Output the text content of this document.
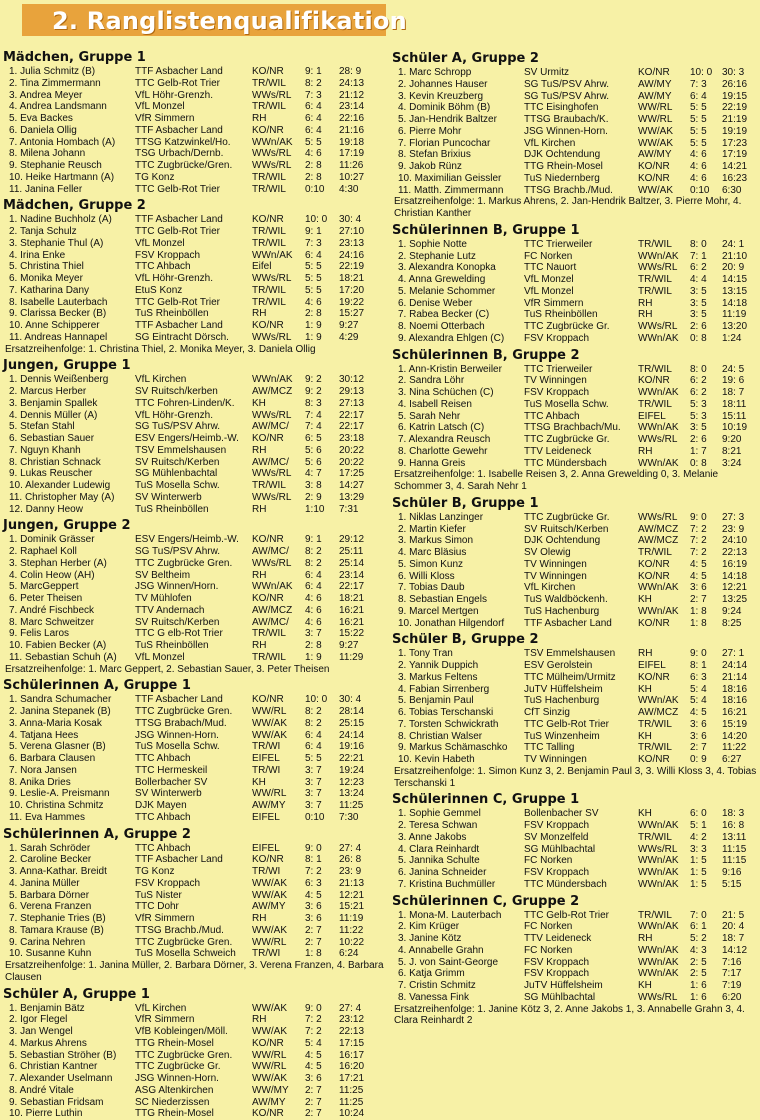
2. Ranglistenqualifikation
Mädchen, Gruppe 1
1. Julia Schmitz (B)	TTF Asbacher Land	KO/NR	9: 1	28: 9
2. Tina Zimmermann	TTC Gelb-Rot Trier	TR/WIL	8: 2	24:13
3. Andrea Meyer	VfL Höhr-Grenzh.	WWs/RL	7: 3	21:12
4. Andrea Landsmann	VfL Monzel	TR/WIL	6: 4	23:14
5. Eva Backes	VfR Simmern	RH	6: 4	22:16
6. Daniela Ollig	TTF Asbacher Land	KO/NR	6: 4	21:16
7. Antonia Hombach (A)	TTSG Katzwinkel/Ho.	WWn/AK	5: 5	19:18
8. Milena Johann	TSG Urbach/Dernb.	WWs/RL	4: 6	17:19
9. Stephanie Reusch	TTC Zugbrücke/Gren.	WWs/RL	2: 8	11:26
10. Heike Hartmann (A)	TG Konz	TR/WIL	2: 8	10:27
11. Janina Feller	TTC Gelb-Rot Trier	TR/WIL	0:10	4:30
Mädchen, Gruppe 2
1. Nadine Buchholz (A)	TTF Asbacher Land	KO/NR	10: 0	30: 4
2. Tanja Schulz	TTC Gelb-Rot Trier	TR/WIL	9: 1	27:10
3. Stephanie Thul (A)	VfL Monzel	TR/WIL	7: 3	23:13
4. Irina Enke	FSV Kroppach	WWn/AK	6: 4	24:16
5. Christina Thiel	TTC Ahbach	Eifel	5: 5	22:19
6. Monika Meyer	VfL Höhr-Grenzh.	WWs/RL	5: 5	18:21
7. Katharina Dany	EtuS Konz	TR/WIL	5: 5	17:20
8. Isabelle Lauterbach	TTC Gelb-Rot Trier	TR/WIL	4: 6	19:22
9. Clarissa Becker (B)	TuS Rheinböllen	RH	2: 8	15:27
10. Anne Schipperer	TTF Asbacher Land	KO/NR	1: 9	9:27
11. Andreas Hannapel	SG Eintracht Dörsch.	WWs/RL	1: 9	4:29
Ersatzreihenfolge: 1. Christina Thiel, 2. Monika Meyer, 3. Daniela Ollig
Jungen, Gruppe 1
1. Dennis Weißenberg	VfL Kirchen	WWn/AK	9: 2	30:12
2. Marcus Herber	SV Ruitsch/kerben	AW/MCZ	9: 2	29:13
3. Benjamin Spallek	TTC Fohren-Linden/K.	KH	8: 3	27:13
4. Dennis Müller (A)	VfL Höhr-Grenzh.	WWs/RL	7: 4	22:17
5. Stefan Stahl	SG TuS/PSV Ahrw.	AW/MC/	7: 4	22:17
6. Sebastian Sauer	ESV Engers/Heimb.-W.	KO/NR	6: 5	23:18
7. Nguyn Khanh	TSV Emmelshausen	RH	5: 6	20:22
8. Christian Schnack	SV Ruitsch/Kerben	AW/MC/	5: 6	20:22
9. Lukas Reuscher	SG Mühlenbachtal	WWs/RL	4: 7	17:25
10. Alexander Ludewig	TuS Mosella Schw.	TR/WIL	3: 8	14:27
11. Christopher May (A)	SV Winterwerb	WWs/RL	2: 9	13:29
12. Danny Heow	TuS Rheinböllen	RH	1:10	7:31
Jungen, Gruppe 2
1. Dominik Grässer	ESV Engers/Heimb.-W.	KO/NR	9: 1	29:12
2. Raphael Koll	SG TuS/PSV Ahrw.	AW/MC/	8: 2	25:11
3. Stephan Herber (A)	TTC Zugbrücke Gren.	WWs/RL	8: 2	25:14
4. Colin Heow (AH)	SV Beltheim	RH	6: 4	23:14
5. MarcGeppert	JSG Winnen/Horn.	WWn/AK	6: 4	22:17
6. Peter Theisen	TV Mühlofen	KO/NR	4: 6	18:21
7. André Fischbeck	TTV Andernach	AW/MCZ	4: 6	16:21
8. Marc Schweitzer	SV Ruitsch/Kerben	AW/MC/	4: 6	16:21
9. Felis Laros	TTC G elb-Rot Trier	TR/WIL	3: 7	15:22
10. Fabien Becker (A)	TuS Rheinböllen	RH	2: 8	9:27
11. Sebastian Schuh (A)	VfL Monzel	TR/WIL	1: 9	11:29
Ersatzreihenfolge: 1. Marc Geppert, 2. Sebastian Sauer, 3. Peter Theisen
Schülerinnen A, Gruppe 1
1. Sandra Schumacher	TTF Asbacher Land	KO/NR	10: 0	30: 4
2. Janina Stepanek (B)	TTC Zugbrücke Gren.	WW/RL	8: 2	28:14
3. Anna-Maria Kosak	TTSG Brabach/Mud.	WW/AK	8: 2	25:15
4. Tatjana Hees	JSG Winnen-Horn.	WW/AK	6: 4	24:14
5. Verena Glasner (B)	TuS Mosella Schw.	TR/WI	6: 4	19:16
6. Barbara Clausen	TTC Ahbach	EIFEL	5: 5	22:21
7. Nora Jansen	TTC Hermeskeil	TR/WI	3: 7	19:24
8. Anika Dries	Bollerbacher SV	KH	3: 7	12:23
9. Leslie-A. Preismann	SV Winterwerb	WW/RL	3: 7	13:24
10. Christina Schmitz	DJK Mayen	AW/MY	3: 7	11:25
11. Eva Hammes	TTC Ahbach	EIFEL	0:10	7:30
Schülerinnen A, Gruppe 2
1. Sarah Schröder	TTC Ahbach	EIFEL	9: 0	27: 4
2. Caroline Becker	TTF Asbacher Land	KO/NR	8: 1	26: 8
3. Anna-Kathar. Breidt	TG Konz	TR/WI	7: 2	23: 9
4. Janina Müller	FSV Kroppach	WW/AK	6: 3	21:13
5. Barbara Dörner	TuS Nister	WW/AK	4: 5	12:21
6. Verena Franzen	TTC Dohr	AW/MY	3: 6	15:21
7. Stephanie Tries (B)	VfR Simmern	RH	3: 6	11:19
8. Tamara Krause (B)	TTSG Brachb./Mud.	WW/AK	2: 7	11:22
9. Carina Nehren	TTC Zugbrücke Gren.	WW/RL	2: 7	10:22
10. Susanne Kuhn	TuS Mosella Schweich	TR/WI	1: 8	6:24
Ersatzreihenfolge: 1. Janina Müller, 2. Barbara Dörner, 3. Verena Franzen, 4. Barbara Clausen
Schüler A, Gruppe 1
1. Benjamin Bätz	VfL Kirchen	WW/AK	9: 0	27: 4
2. Igor Flegel	VfR Simmern	RH	7: 2	23:12
3. Jan Wengel	VfB Kobleingen/Möll.	WW/AK	7: 2	22:13
4. Markus Ahrens	TTG Rhein-Mosel	KO/NR	5: 4	17:15
5. Sebastian Ströher (B)	TTC Zugbrücke Gren.	WW/RL	4: 5	16:17
6. Christian Kantner	TTC Zugbrücke Gr.	WW/RL	4: 5	16:20
7. Alexander Uselmann	JSG Winnen-Horn.	WW/AK	3: 6	17:21
8. André Vitale	ASG Altenkirchen	WW/MY	2: 7	11:25
9. Sebastian Fridsam	SC Niederzissen	AW/MY	2: 7	11:25
10. Pierre Luthin	TTG Rhein-Mosel	KO/NR	2: 7	10:24
Schüler A, Gruppe 2
1. Marc Schropp	SV Urmitz	KO/NR	10: 0 30: 3
2. Johannes Hauser	SG TuS/PSV Ahrw.	AW/MY	7: 3	26:16
3. Kevin Kreuzberg	SG TuS/PSV Ahrw.	AW/MY	6: 4	19:15
4. Dominik Böhm (B)	TTC Eisinghofen	WW/RL	5: 5	22:19
5. Jan-Hendrik Baltzer	TTSG Braubach/K.	WW/RL	5: 5	21:19
6. Pierre Mohr	JSG Winnen-Horn.	WW/AK	5: 5	19:19
7. Florian Puncochar	VfL Kirchen	WW/AK	5: 5	17:23
8. Stefan Brixius	DJK Ochtendung	AW/MY	4: 6	17:19
9. Jakob Rünz	TTG Rhein-Mosel	KO/NR	4: 6	14:21
10. Maximilian Geissler	TuS Niedernberg	KO/NR	4: 6	16:23
11. Matth. Zimmermann	TTSG Brachb./Mud.	WW/AK	0:10	6:30
Ersatzreihenfolge: 1. Markus Ahrens, 2. Jan-Hendrik Baltzer, 3. Pierre Mohr, 4. Christian Kanther
Schülerinnen B, Gruppe 1
1. Sophie Notte	TTC Trierweiler	TR/WIL	8: 0	24: 1
2. Stephanie Lutz	FC Norken	WWn/AK	7: 1	21:10
3. Alexandra Konopka	TTC Nauort	WWs/RL	6: 2	20: 9
4. Anna Grewelding	VfL Monzel	TR/WIL	4: 4	14:15
5. Melanie Schommer	VfL Monzel	TR/WIL	3: 5	13:15
6. Denise Weber	VfR Simmern	RH	3: 5	14:18
7. Rabea Becker (C)	TuS Rheinböllen	RH	3: 5	11:19
8. Noemi Otterbach	TTC Zugbrücke Gr.	WWs/RL	2: 6	13:20
9. Alexandra Ehlgen (C)	FSV Kroppach	WWn/AK	0: 8	1:24
Schülerinnen B, Gruppe 2
1. Ann-Kristin Berweiler	TTC Trierweiler	TR/WIL	8: 0	24: 5
2. Sandra Löhr	TV Winningen	KO/NR	6: 2	19: 6
3. Nina Schüchen (C)	FSV Kroppach	WWn/AK	6: 2	18: 7
4. Isabell Reisen	TuS Mosella Schw.	TR/WIL	5: 3	18:11
5. Sarah Nehr	TTC Ahbach	EIFEL	5: 3	15:11
6. Katrin Latsch (C)	TTSG Brachbach/Mu.	WWn/AK	3: 5	10:19
7. Alexandra Reusch	TTC Zugbrücke Gr.	WWs/RL	2: 6	9:20
8. Charlotte Gewehr	TTV Leideneck	RH	1: 7	8:21
9. Hanna Greis	TTC Mündersbach	WWn/AK	0: 8	3:24
Ersatzreihenfolge: 1. Isabelle Reisen 3, 2. Anna Grewelding 0, 3. Melanie Schommer 3, 4. Sarah Nehr 1
Schüler B, Gruppe 1
1. Niklas Lanzinger	TTC Zugbrücke Gr.	WWs/RL	9: 0	27: 3
2. Martin Kiefer	SV Ruitsch/Kerben	AW/MCZ	7: 2	23: 9
3. Markus Simon	DJK Ochtendung	AW/MCZ	7: 2	24:10
4. Marc Bläsius	SV Olewig	TR/WIL	7: 2	22:13
5. Simon Kunz	TV Winningen	KO/NR	4: 5	16:19
6. Willi Kloss	TV Winningen	KO/NR	4: 5	14:18
7. Tobias Daub	VfL Kirchen	WWn/AK	3: 6	12:21
8. Sebastian Engels	TuS Waldböckenh.	KH	2: 7	13:25
9. Marcel Mertgen	TuS Hachenburg	WWn/AK	1: 8	9:24
10. Jonathan Hilgendorf	TTF Asbacher Land	KO/NR	1: 8	8:25
Schüler B, Gruppe 2
1. Tony Tran	TSV Emmelshausen	RH	9: 0	27: 1
2. Yannik Duppich	ESV Gerolstein	EIFEL	8: 1	24:14
3. Markus Feltens	TTC Mülheim/Urmitz	KO/NR	6: 3	21:14
4. Fabian Sirrenberg	JuTV Hüffelsheim	KH	5: 4	18:16
5. Benjamin Paul	TuS Hachenburg	WWn/AK	5: 4	18:16
6. Tobias Terschanski	CfT Sinzig	AW/MCZ	4: 5	16:21
7. Torsten Schwickrath	TTC Gelb-Rot Trier	TR/WIL	3: 6	15:19
8. Christian Walser	TuS Winzenheim	KH	3: 6	14:20
9. Markus Schämaschko	TTC Talling	TR/WIL	2: 7	11:22
10. Kevin Habeth	TV Winningen	KO/NR	0: 9	6:27
Ersatzreihenfolge: 1. Simon Kunz 3, 2. Benjamin Paul 3, 3. Willi Kloss 3, 4. Tobias Terschanski 1
Schülerinnen C, Gruppe 1
1. Sophie Gemmel	Bollenbacher SV	KH	6: 0	18: 3
2. Teresa Schwan	FSV Kroppach	WWn/AK	5: 1	16: 8
3. Anne Jakobs	SV Monzelfeld	TR/WIL	4: 2	13:11
4. Clara Reinhardt	SG Mühlbachtal	WWs/RL	3: 3	11:15
5. Jannika Schulte	FC Norken	WWn/AK	1: 5	11:15
6. Janina Schneider	FSV Kroppach	WWn/AK	1: 5	9:16
7. Kristina Buchmüller	TTC Mündersbach	WWn/AK	1: 5	5:15
Schülerinnen C, Gruppe 2
1. Mona-M. Lauterbach	TTC Gelb-Rot Trier	TR/WIL	7: 0	21: 5
2. Kim Krüger	FC Norken	WWn/AK	6: 1	20: 4
3. Janine Kötz	TTV Leideneck	RH	5: 2	18: 7
4. Annabelle Grahn	FC Norken	WWn/AK	4: 3	14:12
5. J. von Saint-George	FSV Kroppach	WWn/AK	2: 5	7:16
6. Katja Grimm	FSV Kroppach	WWn/AK	2: 5	7:17
7. Cristin Schmitz	JuTV Hüffelsheim	KH	1: 6	7:19
8. Vanessa Fink	SG Mühlbachtal	WWs/RL	1: 6	6:20
Ersatzreihenfolge: 1. Janine Kötz 3, 2. Anne Jakobs 1, 3. Annabelle Grahn 3, 4. Clara Reinhardt 2
